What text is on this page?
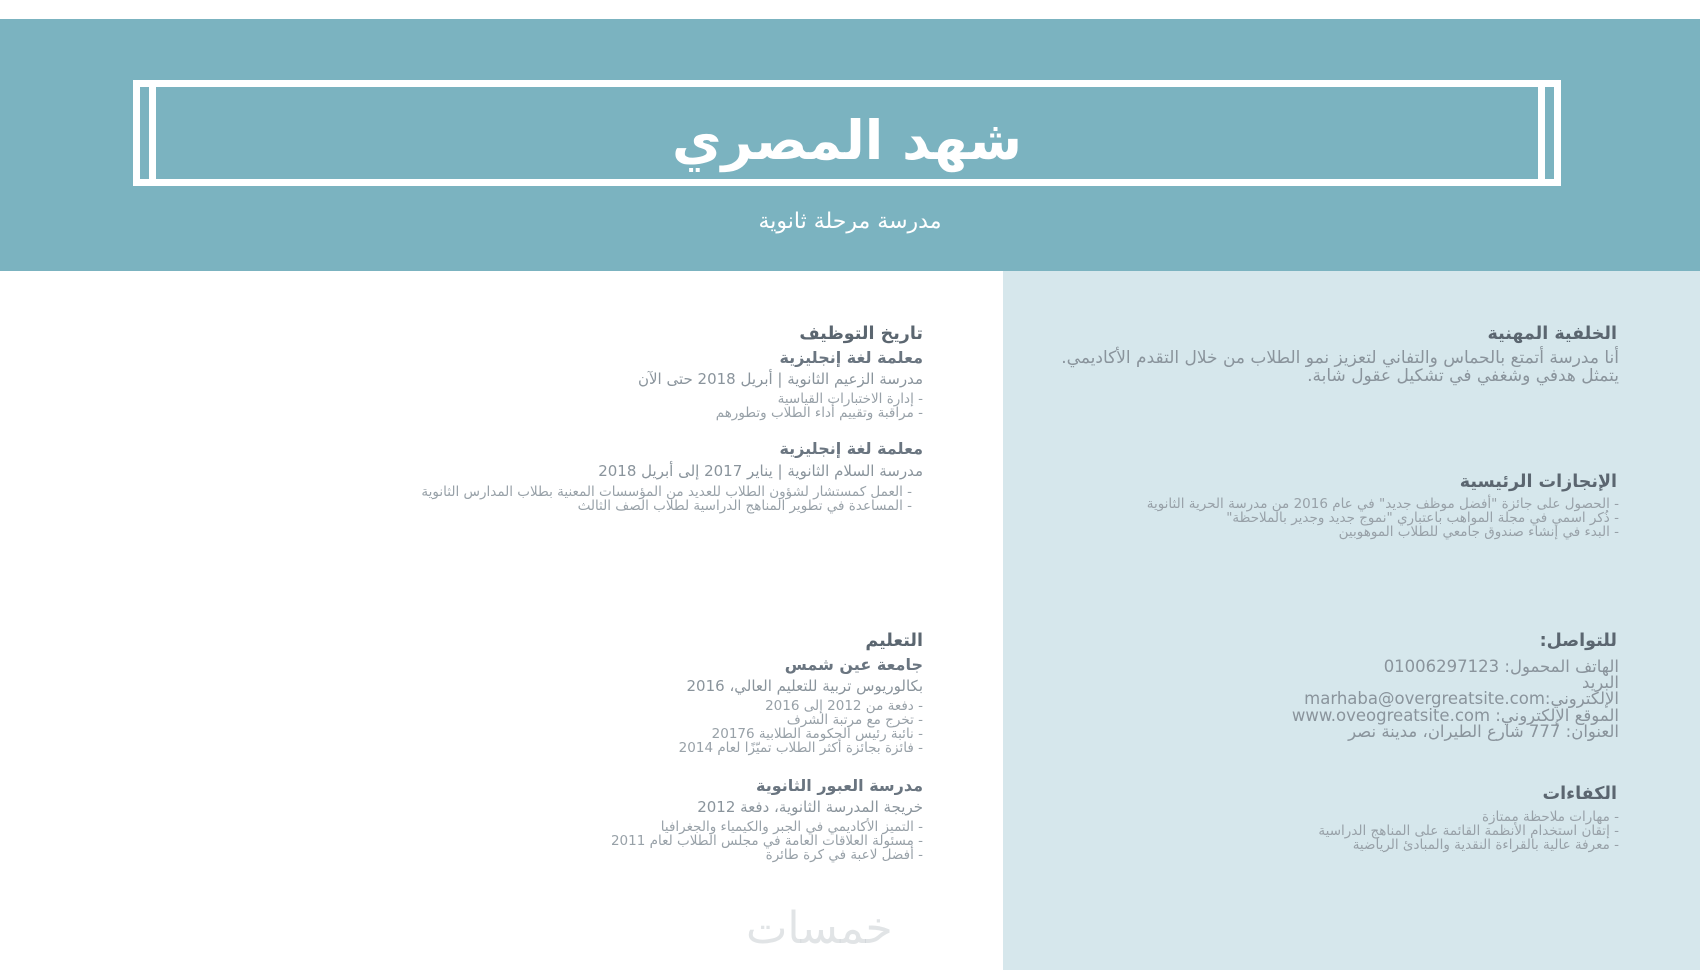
شهد المصري
مدرسة مرحلة ثانوية
الخلفية المهنية
أنا مدرسة أتمتع بالحماس والتفاني لتعزيز نمو الطلاب من خلال التقدم الأكاديمي. يتمثل هدفي وشغفي في تشكيل عقول شابة.
الإنجازات الرئيسية
- الحصول على جائزة "أفضل موظف جديد" في عام 2016 من مدرسة الحرية الثانوية
- ذُكر اسمي في مجلة المواهب باعتباري "نموج جديد وجدير بالملاحظة"
- البدء في إنشاء صندوق جامعي للطلاب الموهوبين
للتواصل:
الهاتف المحمول: 0100629712‪3
البريد
الإلكتروني:marhaba@overgreatsite.com
الموقع الإلكتروني: www.oveogreatsite.com
العنوان: 777 شارع الطيران، مدينة نصر
الكفاءات
- مهارات ملاحظة ممتازة
- إتقان استخدام الأنظمة القائمة على المناهج الدراسية
- معرفة عالية بالقراءة النقدية والمبادئ الرياضية
تاريخ التوظيف
معلمة لغة إنجليزية
مدرسة الزعيم الثانوية | أبريل 2018 حتى الآن
- إدارة الاختبارات القياسية
- مراقبة وتقييم أداء الطلاب وتطورهم
معلمة لغة إنجليزية
مدرسة السلام الثانوية | يناير 2017 إلى أبريل 2018
- العمل كمستشار لشؤون الطلاب للعديد من المؤسسات المعنية بطلاب المدارس الثانوية
- المساعدة في تطوير المناهج الدراسية لطلاب الصف الثالث
التعليم
جامعة عين شمس
بكالوريوس تربية للتعليم العالي، 2016
- دفعة من 2012 إلى 2016
- تخرج مع مرتبة الشرف
- نائبة رئيس الحكومة الطلابية 20176
- فائزة بجائزة أكثر الطلاب تميّزًا لعام 2014
مدرسة العبور الثانوية
خريجة المدرسة الثانوية، دفعة 2012
- التميز الأكاديمي في الجبر والكيمياء والجغرافيا
- مسئولة العلاقات العامة في مجلس الطلاب لعام 2011
- أفضل لاعبة في كرة طائرة
خمسات
